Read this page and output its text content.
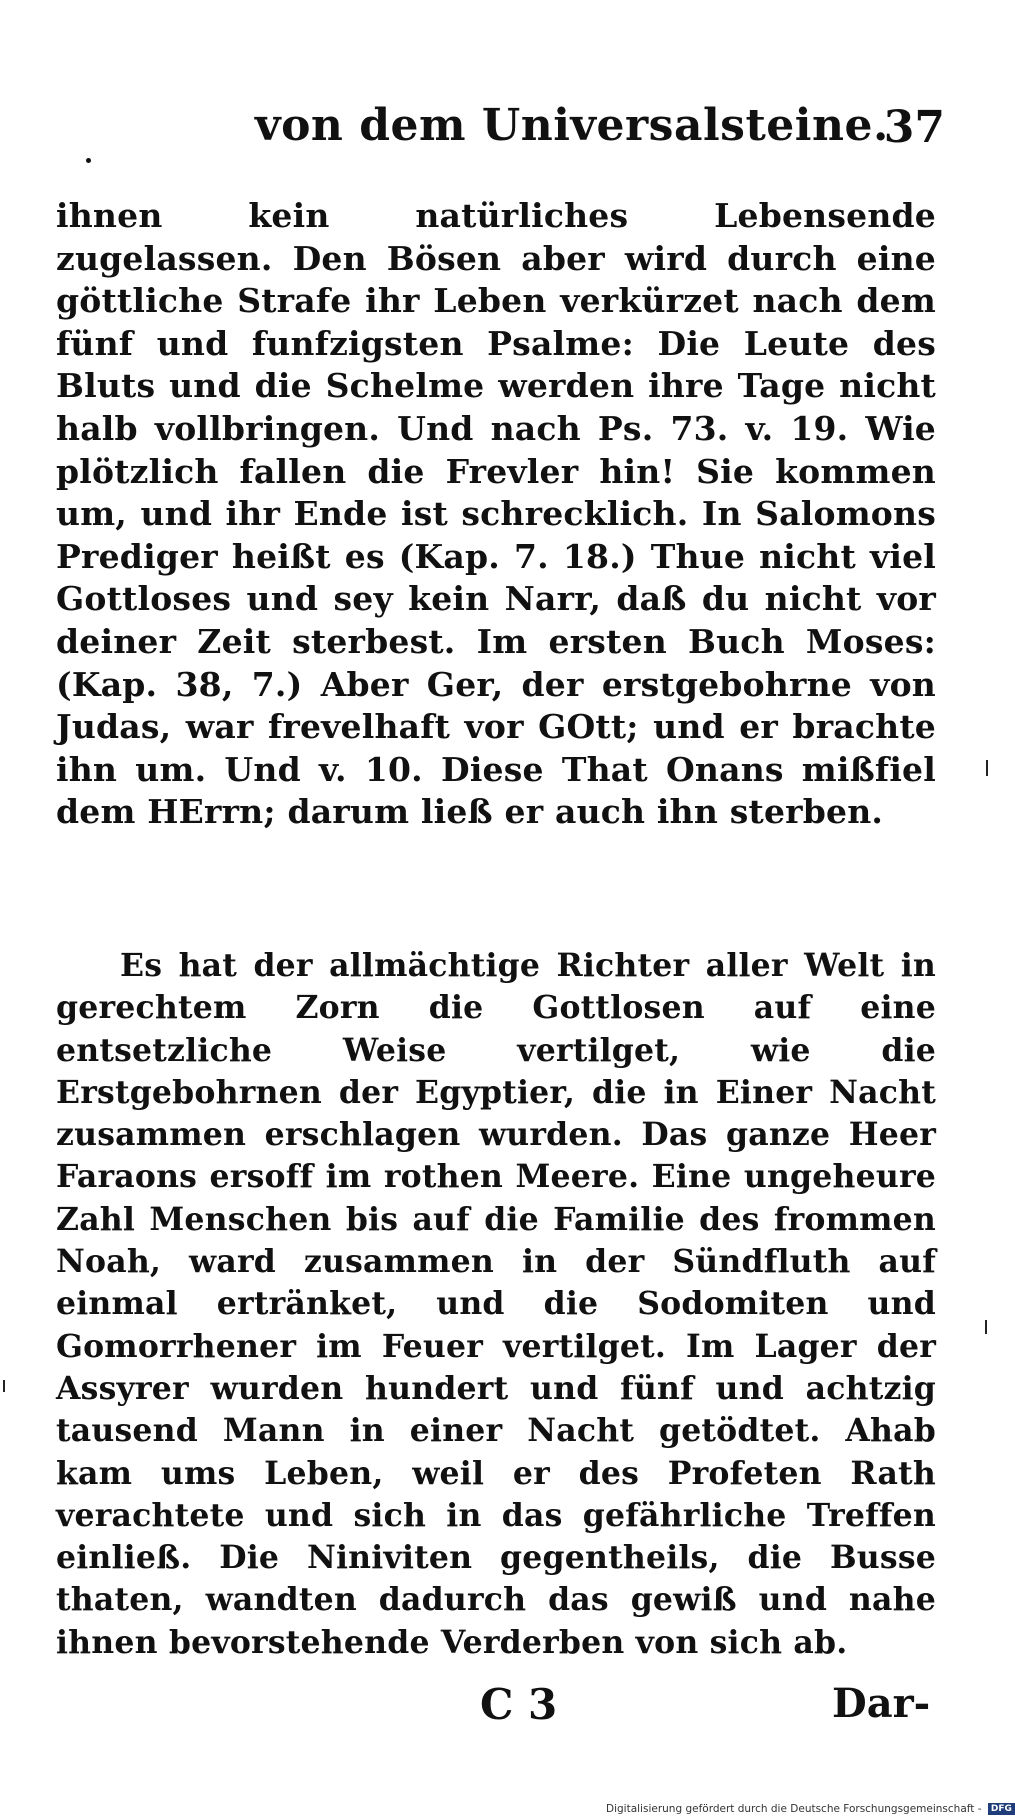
von dem Universalsteine.
37

ihnen kein natürliches Lebensende zugelassen. Den Bösen aber wird durch eine göttliche Strafe ihr Leben verkürzet nach dem fünf und funfzigsten Psalme: Die Leute des Bluts und die Schelme werden ihre Tage nicht halb vollbringen. Und nach Ps. 73. v. 19. Wie plötzlich fallen die Frevler hin! Sie kommen um, und ihr Ende ist schrecklich. In Salomons Prediger heißt es (Kap. 7. 18.) Thue nicht viel Gottloses und sey kein Narr, daß du nicht vor deiner Zeit sterbest. Im ersten Buch Moses: (Kap. 38, 7.) Aber Ger, der erstgebohrne von Judas, war frevelhaft vor GOtt; und er brachte ihn um. Und v. 10. Diese That Onans mißfiel dem HErrn; darum ließ er auch ihn sterben.

Es hat der allmächtige Richter aller Welt in gerechtem Zorn die Gottlosen auf eine entsetzliche Weise vertilget, wie die Erstgebohrnen der Egyptier, die in Einer Nacht zusammen erschlagen wurden. Das ganze Heer Faraons ersoff im rothen Meere. Eine ungeheure Zahl Menschen bis auf die Familie des frommen Noah, ward zusammen in der Sündfluth auf einmal ertränket, und die Sodomiten und Gomorrhener im Feuer vertilget. Im Lager der Assyrer wurden hundert und fünf und achtzig tausend Mann in einer Nacht getödtet. Ahab kam ums Leben, weil er des Profeten Rath verachtete und sich in das gefährliche Treffen einließ. Die Niniviten gegentheils, die Busse thaten, wandten dadurch das gewiß und nahe ihnen bevorstehende Verderben von sich ab.

C 3	Dar-
Digitalisierung gefördert durch die Deutsche Forschungsgemeinschaft - DFG
